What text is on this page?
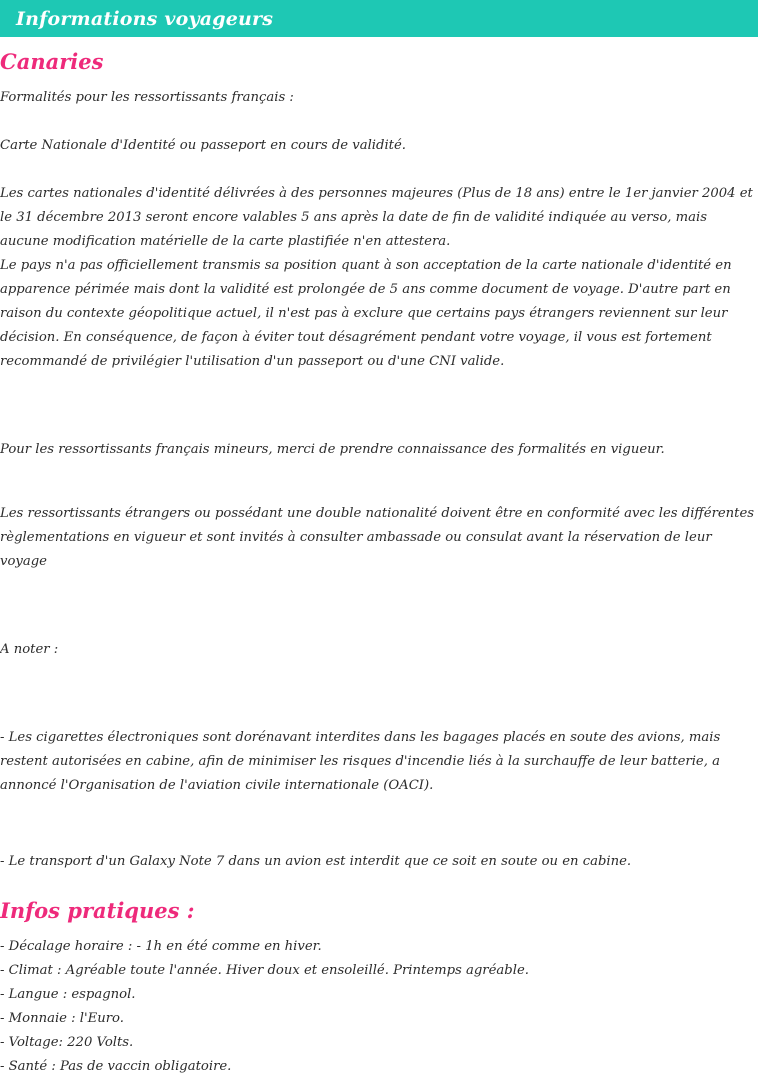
Informations voyageurs
Canaries

Formalités pour les ressortissants français :

Carte Nationale d'Identité ou passeport en cours de validité.

Les cartes nationales d'identité délivrées à des personnes majeures (Plus de 18 ans) entre le 1er janvier 2004 et le 31 décembre 2013 seront encore valables 5 ans après la date de fin de validité indiquée au verso, mais aucune modification matérielle de la carte plastifiée n'en attestera.

Le pays n'a pas officiellement transmis sa position quant à son acceptation de la carte nationale d'identité en apparence périmée mais dont la validité est prolongée de 5 ans comme document de voyage. D'autre part en raison du contexte géopolitique actuel, il n'est pas à exclure que certains pays étrangers reviennent sur leur décision. En conséquence, de façon à éviter tout désagrément pendant votre voyage, il vous est fortement recommandé de privilégier l'utilisation d'un passeport ou d'une CNI valide.

Pour les ressortissants français mineurs, merci de prendre connaissance des formalités en vigueur.

Les ressortissants étrangers ou possédant une double nationalité doivent être en conformité avec les différentes règlementations en vigueur et sont invités à consulter ambassade ou consulat avant la réservation de leur voyage

A noter :

- Les cigarettes électroniques sont dorénavant interdites dans les bagages placés en soute des avions, mais restent autorisées en cabine, afin de minimiser les risques d'incendie liés à la surchauffe de leur batterie, a annoncé l'Organisation de l'aviation civile internationale (OACI).

- Le transport d'un Galaxy Note 7 dans un avion est interdit que ce soit en soute ou en cabine.

Infos pratiques :

- Décalage horaire : - 1h en été comme en hiver.

- Climat : Agréable toute l'année. Hiver doux et ensoleillé. Printemps agréable.

- Langue : espagnol.

- Monnaie : l'Euro.

- Voltage: 220 Volts.

- Santé : Pas de vaccin obligatoire.
